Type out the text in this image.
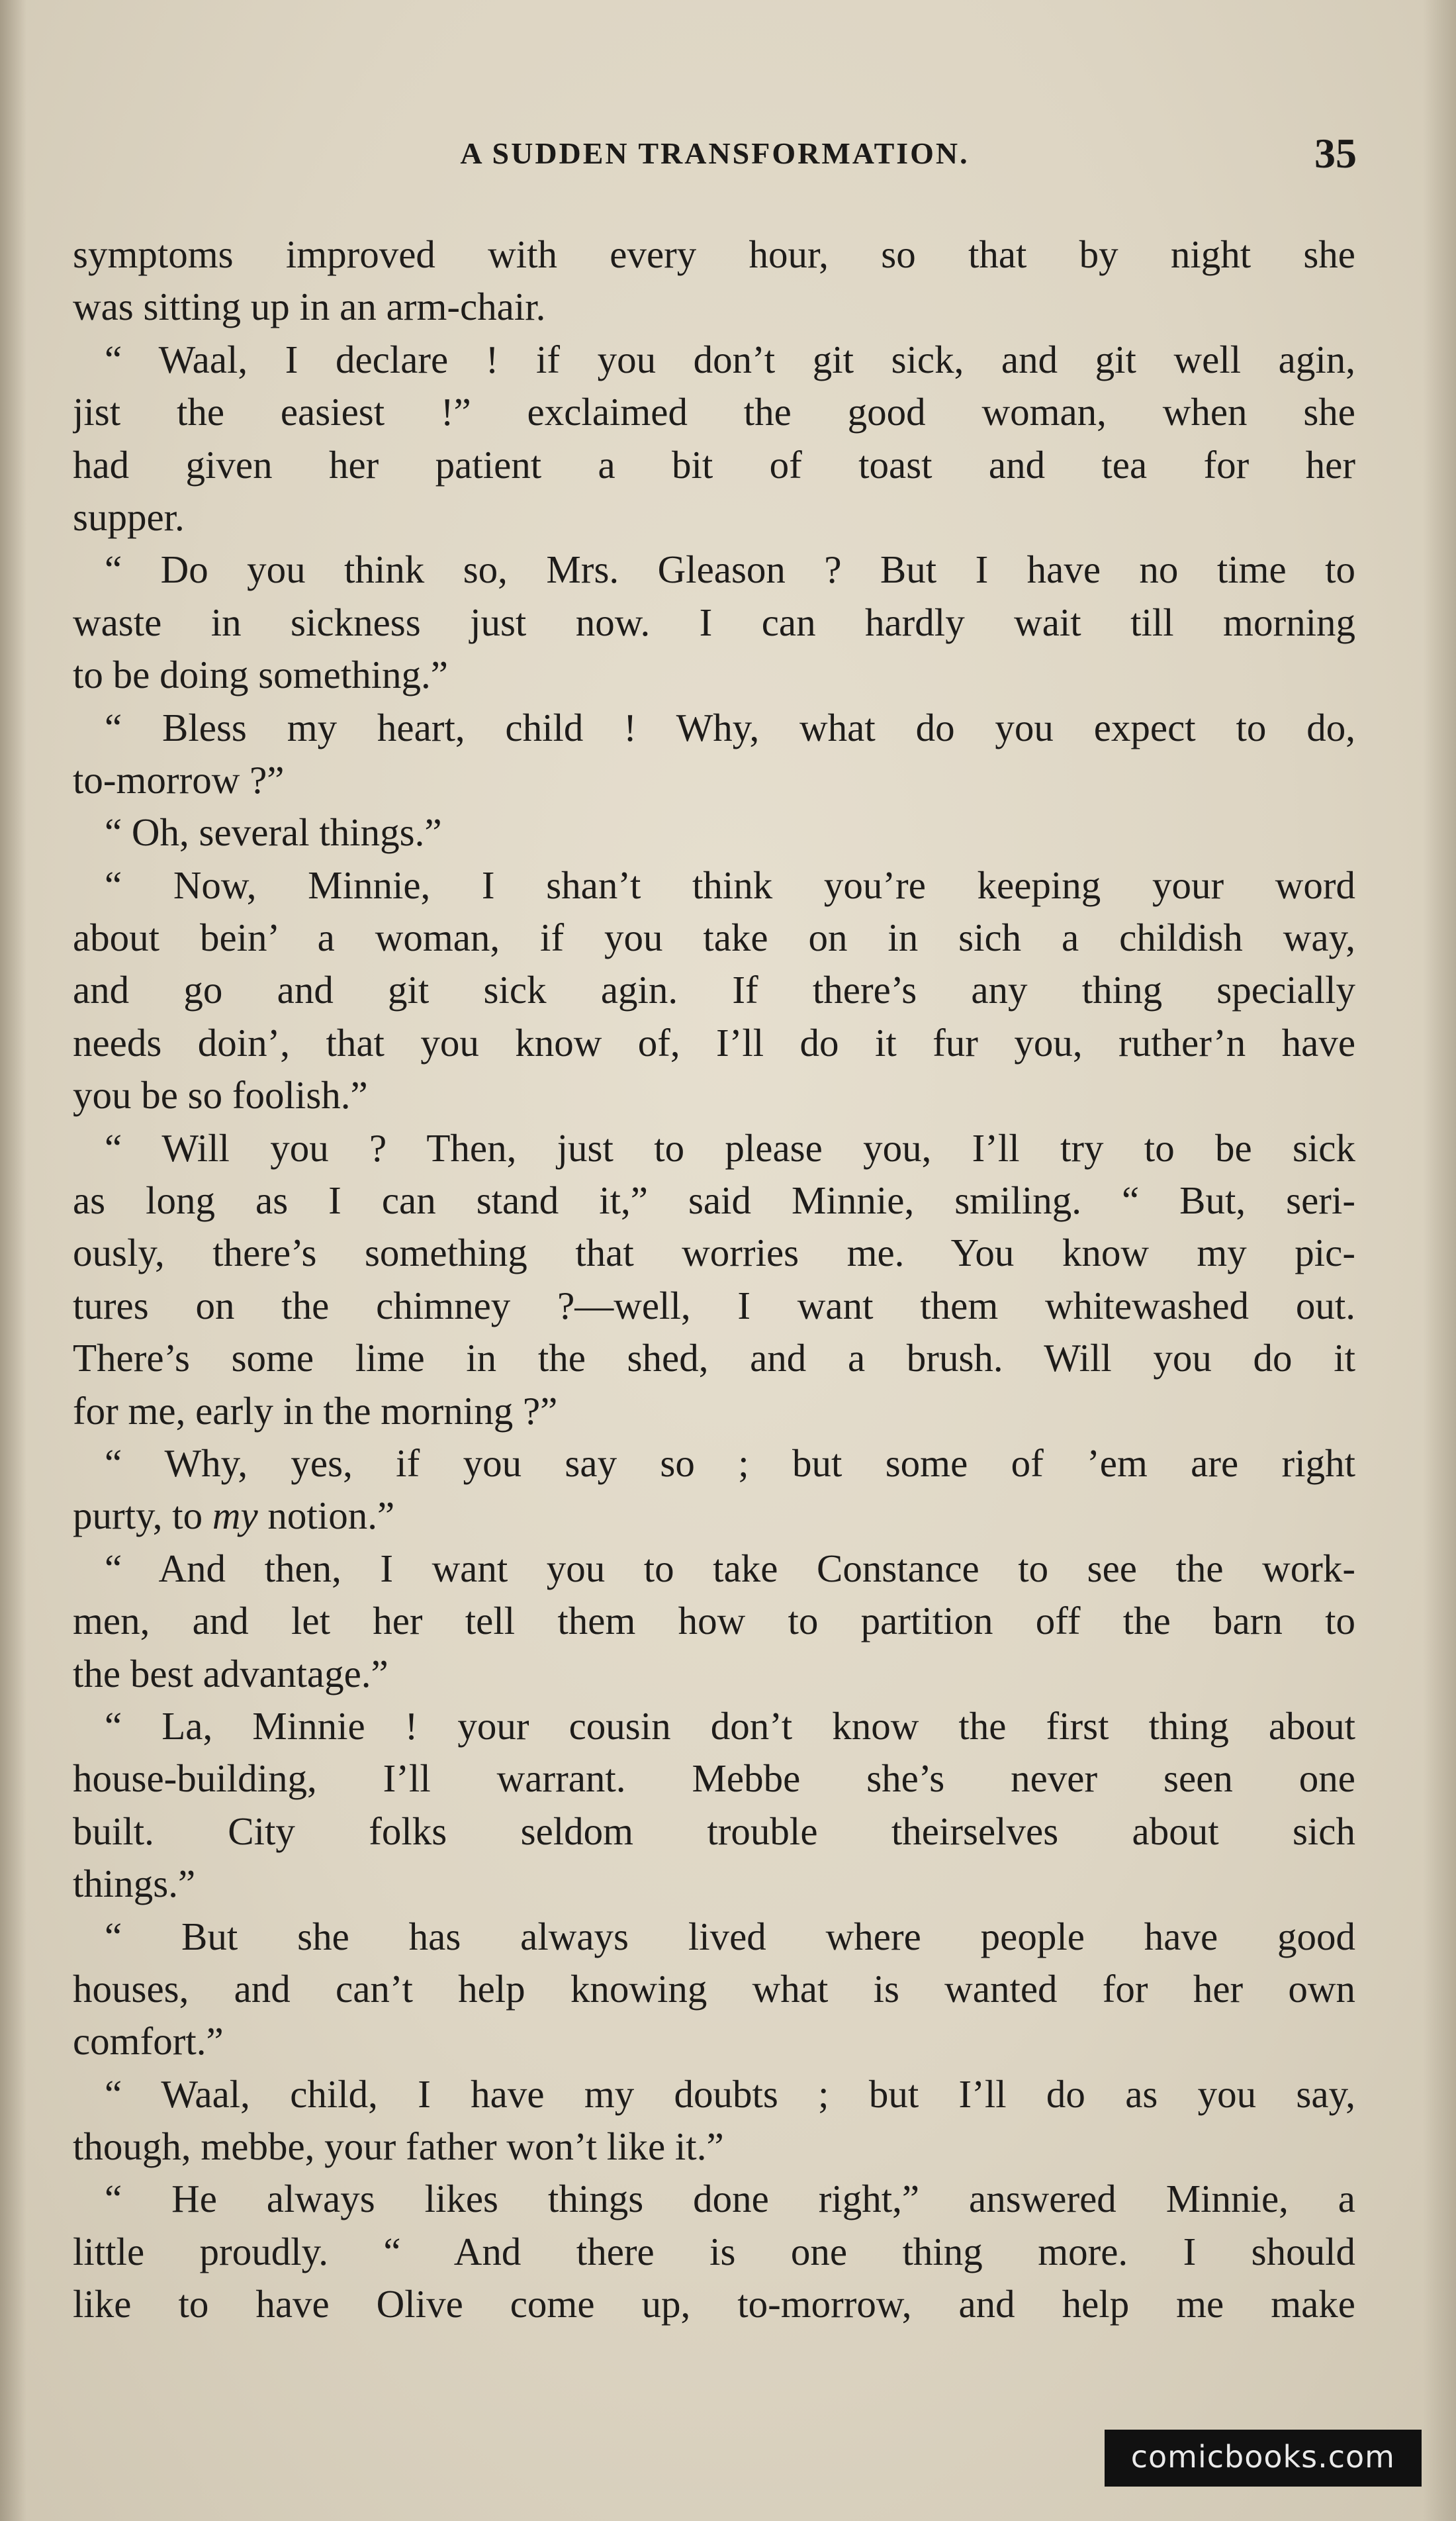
A SUDDEN TRANSFORMATION.	35
symptoms improved with every hour, so that by night she
was sitting up in an arm-chair.
“ Waal, I declare ! if you don’t git sick, and git well agin,
jist the easiest !” exclaimed the good woman, when she
had given her patient a bit of toast and tea for her
supper.
“ Do you think so, Mrs. Gleason ? But I have no time to
waste in sickness just now. I can hardly wait till morning
to be doing something.”
“ Bless my heart, child ! Why, what do you expect to do,
to-morrow ?”
“ Oh, several things.”
“ Now, Minnie, I shan’t think you’re keeping your word
about bein’ a woman, if you take on in sich a childish way,
and go and git sick agin. If there’s any thing specially
needs doin’, that you know of, I’ll do it fur you, ruther’n have
you be so foolish.”
“ Will you ? Then, just to please you, I’ll try to be sick
as long as I can stand it,” said Minnie, smiling. “ But, seri-
ously, there’s something that worries me. You know my pic-
tures on the chimney ?—well, I want them whitewashed out.
There’s some lime in the shed, and a brush. Will you do it
for me, early in the morning ?”
“ Why, yes, if you say so ; but some of ’em are right
purty, to my notion.”
“ And then, I want you to take Constance to see the work-
men, and let her tell them how to partition off the barn to
the best advantage.”
“ La, Minnie ! your cousin don’t know the first thing about
house-building, I’ll warrant. Mebbe she’s never seen one
built. City folks seldom trouble theirselves about sich
things.”
“ But she has always lived where people have good
houses, and can’t help knowing what is wanted for her own
comfort.”
“ Waal, child, I have my doubts ; but I’ll do as you say,
though, mebbe, your father won’t like it.”
“ He always likes things done right,” answered Minnie, a
little proudly. “ And there is one thing more. I should
like to have Olive come up, to-morrow, and help me make
comicbooks.com
